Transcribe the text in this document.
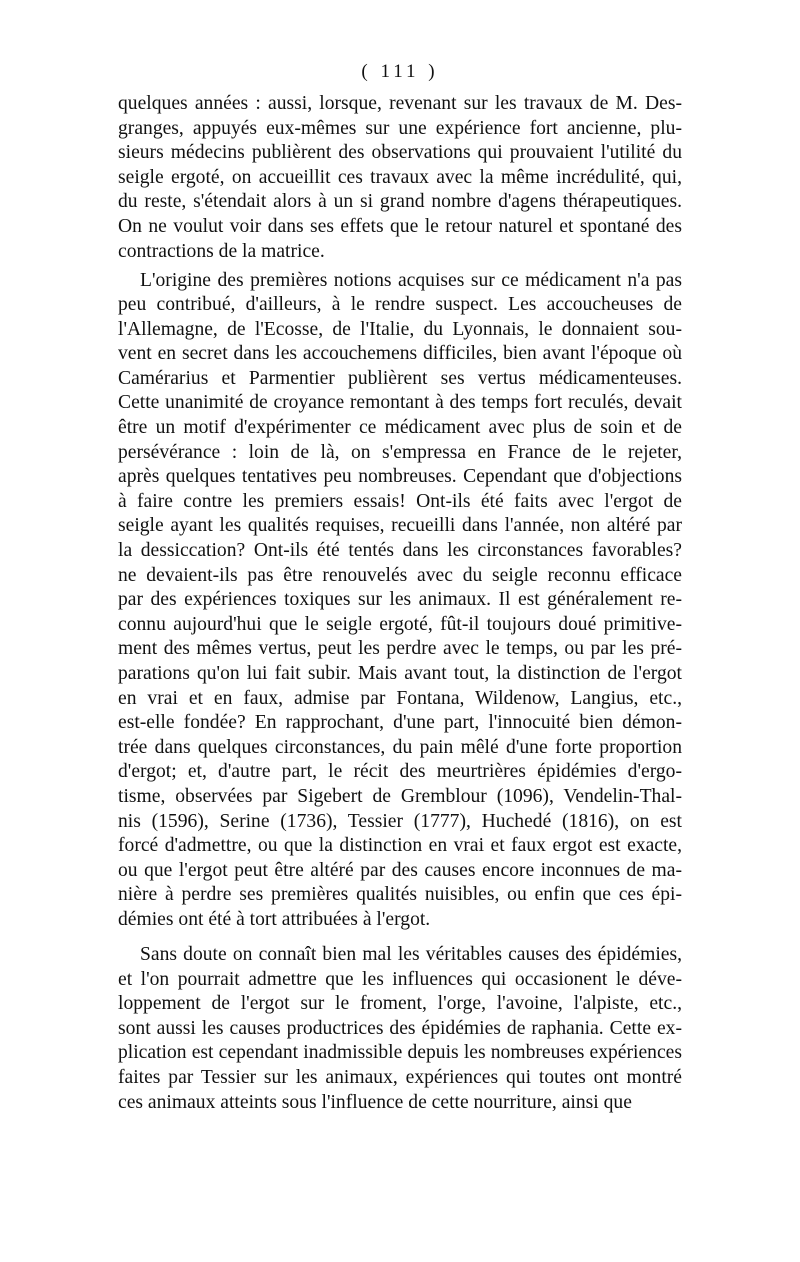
( 111 )
quelques années : aussi, lorsque, revenant sur les travaux de M. Des-
granges, appuyés eux-mêmes sur une expérience fort ancienne, plu-
sieurs médecins publièrent des observations qui prouvaient l'utilité du
seigle ergoté, on accueillit ces travaux avec la même incrédulité, qui,
du reste, s'étendait alors à un si grand nombre d'agens thérapeutiques.
On ne voulut voir dans ses effets que le retour naturel et spontané des
contractions de la matrice.
L'origine des premières notions acquises sur ce médicament n'a pas
peu contribué, d'ailleurs, à le rendre suspect. Les accoucheuses de
l'Allemagne, de l'Ecosse, de l'Italie, du Lyonnais, le donnaient sou-
vent en secret dans les accouchemens difficiles, bien avant l'époque où
Camérarius et Parmentier publièrent ses vertus médicamenteuses.
Cette unanimité de croyance remontant à des temps fort reculés, devait
être un motif d'expérimenter ce médicament avec plus de soin et de
persévérance : loin de là, on s'empressa en France de le rejeter,
après quelques tentatives peu nombreuses. Cependant que d'objections
à faire contre les premiers essais! Ont-ils été faits avec l'ergot de
seigle ayant les qualités requises, recueilli dans l'année, non altéré par
la dessiccation? Ont-ils été tentés dans les circonstances favorables?
ne devaient-ils pas être renouvelés avec du seigle reconnu efficace
par des expériences toxiques sur les animaux. Il est généralement re-
connu aujourd'hui que le seigle ergoté, fût-il toujours doué primitive-
ment des mêmes vertus, peut les perdre avec le temps, ou par les pré-
parations qu'on lui fait subir. Mais avant tout, la distinction de l'ergot
en vrai et en faux, admise par Fontana, Wildenow, Langius, etc.,
est-elle fondée? En rapprochant, d'une part, l'innocuité bien démon-
trée dans quelques circonstances, du pain mêlé d'une forte proportion
d'ergot; et, d'autre part, le récit des meurtrières épidémies d'ergo-
tisme, observées par Sigebert de Gremblour (1096), Vendelin-Thal-
nis (1596), Serine (1736), Tessier (1777), Huchedé (1816), on est
forcé d'admettre, ou que la distinction en vrai et faux ergot est exacte,
ou que l'ergot peut être altéré par des causes encore inconnues de ma-
nière à perdre ses premières qualités nuisibles, ou enfin que ces épi-
démies ont été à tort attribuées à l'ergot.
Sans doute on connaît bien mal les véritables causes des épidémies,
et l'on pourrait admettre que les influences qui occasionent le déve-
loppement de l'ergot sur le froment, l'orge, l'avoine, l'alpiste, etc.,
sont aussi les causes productrices des épidémies de raphania. Cette ex-
plication est cependant inadmissible depuis les nombreuses expériences
faites par Tessier sur les animaux, expériences qui toutes ont montré
ces animaux atteints sous l'influence de cette nourriture, ainsi que
